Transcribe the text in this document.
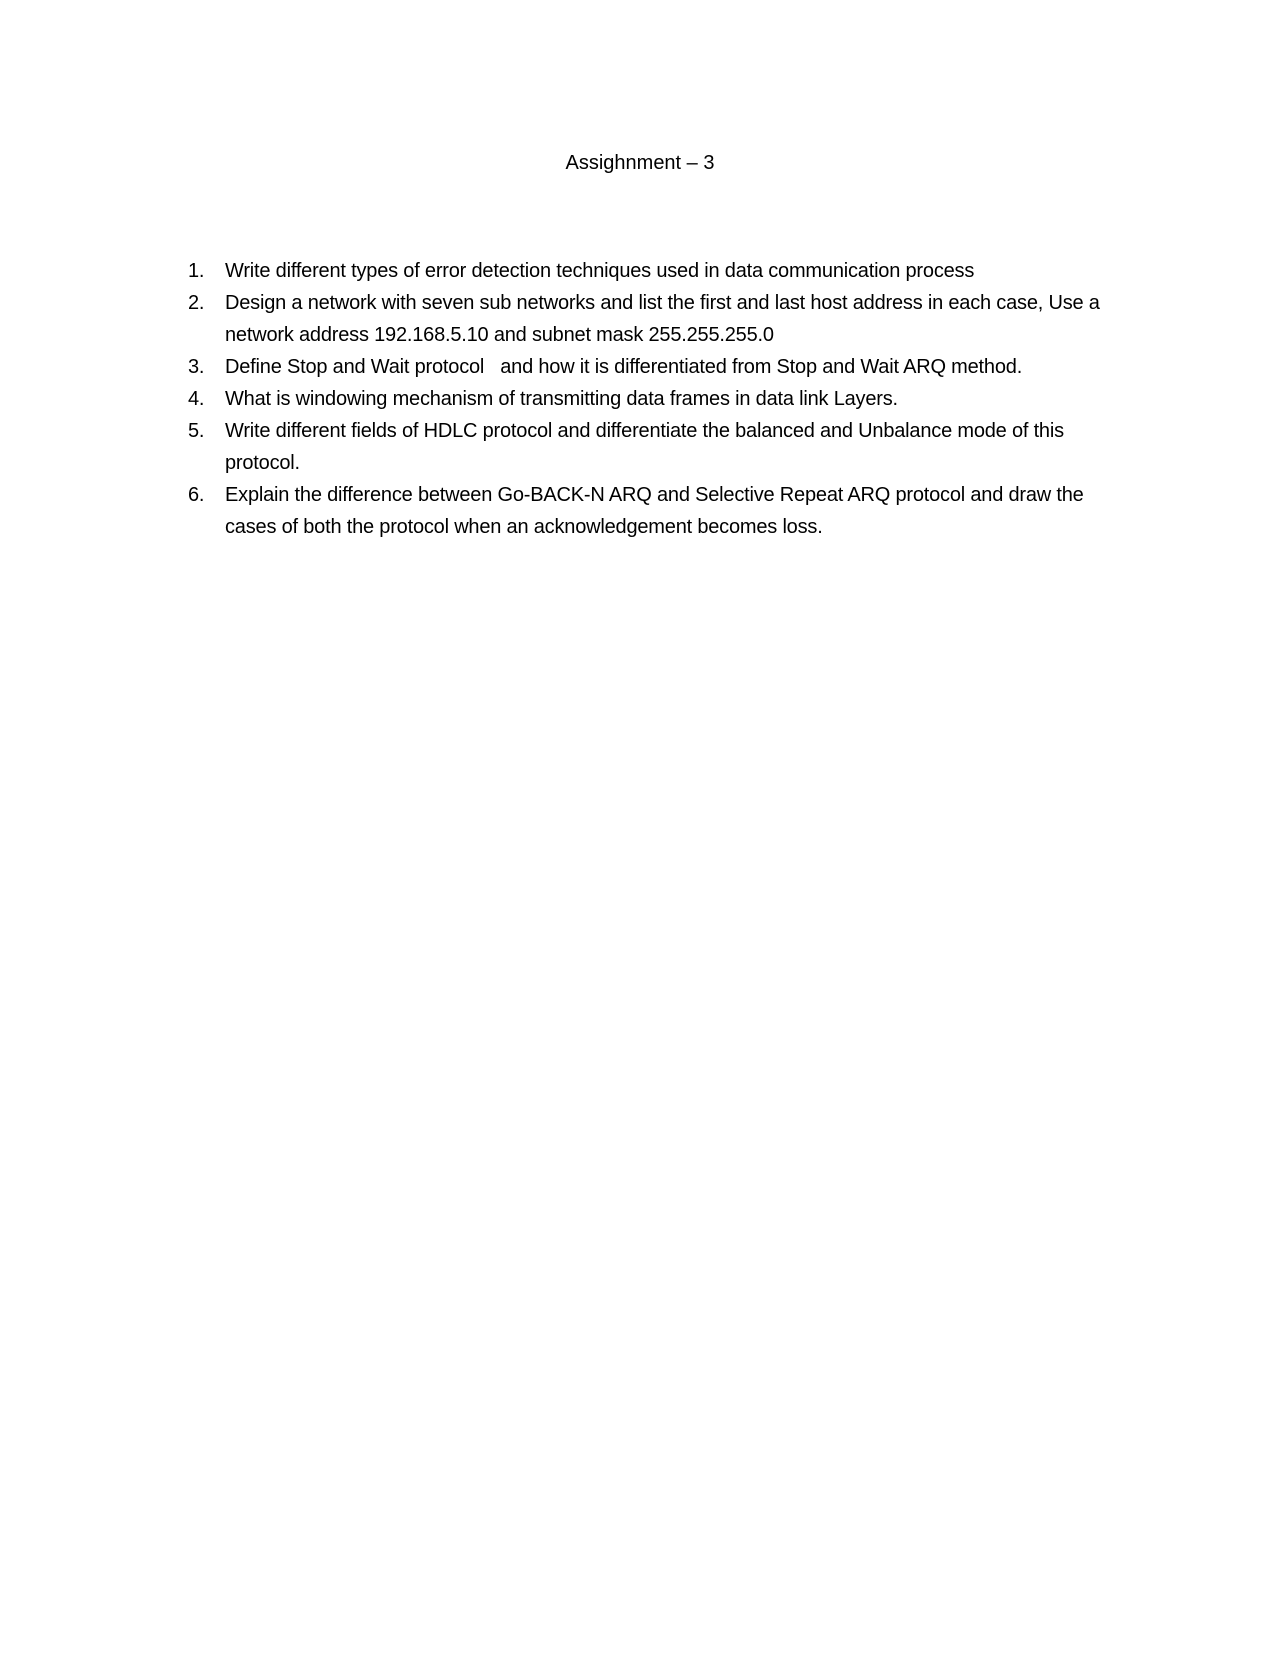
Assighnment – 3
1.	Write different types of error detection techniques used in data communication process
2.	Design a network with seven sub networks and list the first and last host address in each case, Use a network address 192.168.5.10 and subnet mask 255.255.255.0
3.	Define Stop and Wait protocol   and how it is differentiated from Stop and Wait ARQ method.
4.	What is windowing mechanism of transmitting data frames in data link Layers.
5.	Write different fields of HDLC protocol and differentiate the balanced and Unbalance mode of this protocol.
6.	Explain the difference between Go-BACK-N ARQ and Selective Repeat ARQ protocol and draw the cases of both the protocol when an acknowledgement becomes loss.
